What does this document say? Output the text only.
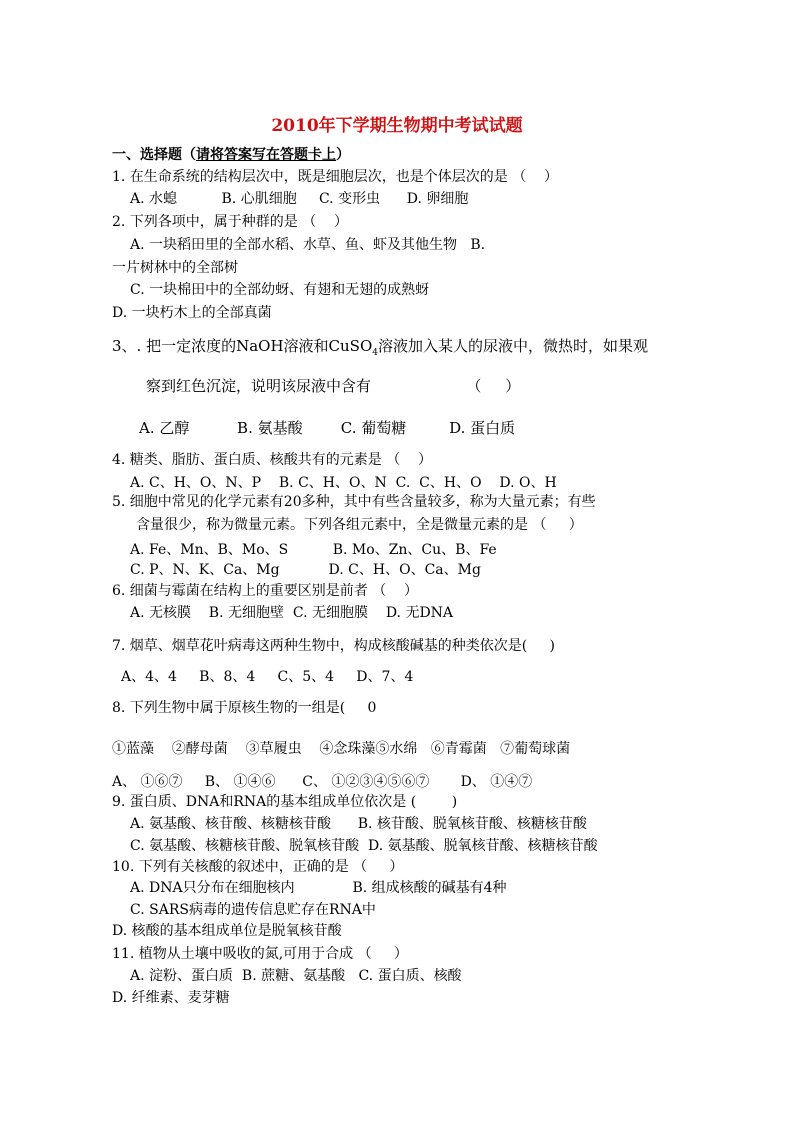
2010年下学期生物期中考试试题
一、选择题（请将答案写在答题卡上）
1. 在生命系统的结构层次中，既是细胞层次，也是个体层次的是 （    ）
A. 水螅          B. 心肌细胞     C. 变形虫      D. 卵细胞
2. 下列各项中，属于种群的是 （    ）
A. 一块稻田里的全部水稻、水草、鱼、虾及其他生物   B.
一片树林中的全部树
C. 一块棉田中的全部幼蚜、有翅和无翅的成熟蚜
D. 一块朽木上的全部真菌
3、. 把一定浓度的NaOH溶液和CuSO$_4$溶液加入某人的尿液中，微热时，如果观
察到红色沉淀，说明该尿液中含有                    （     ）
A. 乙醇          B. 氨基酸        C. 葡萄糖         D. 蛋白质
4. 糖类、脂肪、蛋白质、核酸共有的元素是 （    ）
A. C、H、O、N、P    B. C、H、O、N  C.  C、H、O    D. O、H
5. 细胞中常见的化学元素有20多种，其中有些含量较多，称为大量元素；有些
含量很少，称为微量元素。下列各组元素中，全是微量元素的是 （     ）
A. Fe、Mn、B、Mo、S          B. Mo、Zn、Cu、B、Fe
C. P、N、K、Ca、Mg           D. C、H、O、Ca、Mg
6. 细菌与霉菌在结构上的重要区别是前者 （    ）
A. 无核膜    B. 无细胞壁  C. 无细胞膜    D. 无DNA
7. 烟草、烟草花叶病毒这两种生物中，构成核酸碱基的种类依次是(     )
A、4、4     B、8、4     C、5、4     D、7、4
8. 下列生物中属于原核生物的一组是(     0
①蓝藻    ②酵母菌    ③草履虫    ④念珠藻⑤水绵   ⑥青霉菌   ⑦葡萄球菌
A、 ①⑥⑦     B、 ①④⑥      C、 ①②③④⑤⑥⑦       D、 ①④⑦
9. 蛋白质、DNA和RNA的基本组成单位依次是 (        )
A. 氨基酸、核苷酸、核糖核苷酸      B. 核苷酸、脱氧核苷酸、核糖核苷酸
C. 氨基酸、核糖核苷酸、脱氧核苷酸  D. 氨基酸、脱氧核苷酸、核糖核苷酸
10. 下列有关核酸的叙述中，正确的是 （     ）
A. DNA只分布在细胞核内             B. 组成核酸的碱基有4种
C. SARS病毒的遗传信息贮存在RNA中
D. 核酸的基本组成单位是脱氧核苷酸
11. 植物从土壤中吸收的氮,可用于合成 （     ）
A. 淀粉、蛋白质  B. 蔗糖、氨基酸   C. 蛋白质、核酸
D. 纤维素、麦芽糖
